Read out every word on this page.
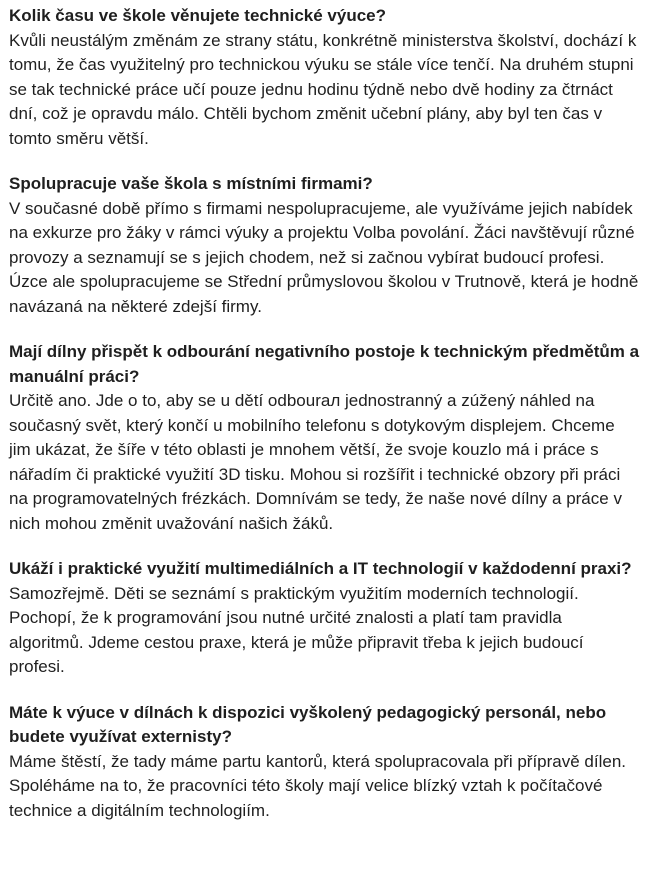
Kolik času ve škole věnujete technické výuce?

Kvůli neustálým změnám ze strany státu, konkrétně ministerstva školství, dochází k tomu, že čas využitelný pro technickou výuku se stále více tenčí. Na druhém stupni se tak technické práce učí pouze jednu hodinu týdně nebo dvě hodiny za čtrnáct dní, což je opravdu málo. Chtěli bychom změnit učební plány, aby byl ten čas v tomto směru větší.

Spolupracuje vaše škola s místními firmami?

V současné době přímo s firmami nespolupracujeme, ale využíváme jejich nabídek na exkurze pro žáky v rámci výuky a projektu Volba povolání. Žáci navštěvují různé provozy a seznamují se s jejich chodem, než si začnou vybírat budoucí profesi. Úzce ale spolupracujeme se Střední průmyslovou školou v Trutnově, která je hodně navázaná na některé zdejší firmy.

Mají dílny přispět k odbourání negativního postoje k technickým předmětům a manuální práci?

Určitě ano. Jde o to, aby se u dětí odbourал jednostranný a zúžený náhled na současný svět, který končí u mobilního telefonu s dotykovým displejem. Chceme jim ukázat, že šíře v této oblasti je mnohem větší, že svoje kouzlo má i práce s nářadím či praktické využití 3D tisku. Mohou si rozšířit i technické obzory při práci na programovatelných frézkách. Domnívám se tedy, že naše nové dílny a práce v nich mohou změnit uvažování našich žáků.

Ukáží i praktické využití multimediálních a IT technologií v každodenní praxi?

Samozřejmě. Děti se seznámí s praktickým využitím moderních technologií. Pochopí, že k programování jsou nutné určité znalosti a platí tam pravidla algoritmů. Jdeme cestou praxe, která je může připravit třeba k jejich budoucí profesi.

Máte k výuce v dílnách k dispozici vyškolený pedagogický personál, nebo budete využívat externisty?

Máme štěstí, že tady máme partu kantorů, která spolupracovala při přípravě dílen. Spoléháme na to, že pracovníci této školy mají velice blízký vztah k počítačové technice a digitálním technologiím.
